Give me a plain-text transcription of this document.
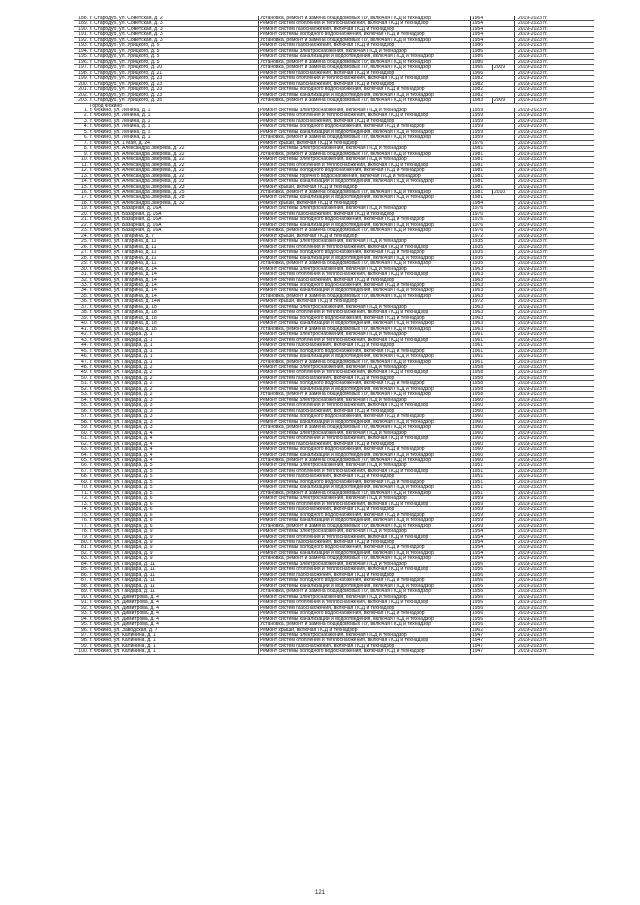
188. г. Стародуб, ул. Советская, д. 2	Установка, ремонт и замена общедомовых ПУ, включая ПСД и технадзор	1964	2019-2023 гг.
189. г. Стародуб, ул. Советская, д. 3	Ремонт систем отопления и теплоснабжения, включая ПСД и технадзор	1954	2019-2023 гг.
190. г. Стародуб, ул. Советская, д. 3	Ремонт систем газоснабжения, включая ПСД и технадзор	1954	2019-2023 гг.
191. г. Стародуб, ул. Советская, д. 3	Ремонт системы холодного водоснабжения, включая ПСД и технадзор	1954	2019-2023 гг.
192. г. Стародуб, ул. Советская, д. 3	Установка, ремонт и замена общедомовых ПУ, включая ПСД и технадзор	1954	2019-2023 гг.
193. г. Стародуб, ул. Урицкого, д. 5	Ремонт систем газоснабжения, включая ПСД и технадзор	1986	2019-2023 гг.
194. г. Стародуб, ул. Урицкого, д. 5	Ремонт системы электроснабжения, включая ПСД и технадзор	1986	2019-2023 гг.
195. г. Стародуб, ул. Урицкого, д. 5	Ремонт системы канализации и водоотведения, включая ПСД и технадзор	1986	2019-2023 гг.
196. г. Стародуб, ул. Урицкого, д. 5	Установка, ремонт и замена общедомовых ПУ, включая ПСД и технадзор	1986	2019-2023 гг.
197. г. Стародуб, ул. Урицкого, д. 20	Установка, ремонт и замена общедомовых ПУ, включая ПСД и технадзор	1966	2009	2019-2023 гг.
198. г. Стародуб, ул. Урицкого, д. 21	Ремонт систем газоснабжения, включая ПСД и технадзор	1966	2019-2023 гг.
199. г. Стародуб, ул. Урицкого, д. 23	Ремонт систем отопления и теплоснабжения, включая ПСД и технадзор	1982	2019-2023 гг.
200. г. Стародуб, ул. Урицкого, д. 23	Ремонт систем газоснабжения, включая ПСД и технадзор	1982	2019-2023 гг.
201. г. Стародуб, ул. Урицкого, д. 23	Ремонт системы холодного водоснабжения, включая ПСД и технадзор	1982	2019-2023 гг.
202. г. Стародуб, ул. Урицкого, д. 23	Ремонт системы канализации и водоотведения, включая ПСД и технадзор	1982	2019-2023 гг.
203. г. Стародуб, ул. Урицкого, д. 35	Установка, ремонт и замена общедомовых ПУ, включая ПСД и технадзор	1983	2009	2019-2023 гг.
Город Фокино
1. г. Фокино, ул. Ленина, д. 1	Ремонт системы электроснабжения, включая ПСД и технадзор	1959	2019-2023 гг.
2. г. Фокино, ул. Ленина, д. 1	Ремонт систем отопления и теплоснабжения, включая ПСД и технадзор	1959	2019-2023 гг.
3. г. Фокино, ул. Ленина, д. 1	Ремонт систем газоснабжения, включая ПСД и технадзор	1959	2019-2023 гг.
4. г. Фокино, ул. Ленина, д. 1	Ремонт системы холодного водоснабжения, включая ПСД и технадзор	1959	2019-2023 гг.
5. г. Фокино, ул. Ленина, д. 1	Ремонт системы канализации и водоотведения, включая ПСД и технадзор	1959	2019-2023 гг.
6. г. Фокино, ул. Ленина, д. 1	Установка, ремонт и замена общедомовых ПУ, включая ПСД и технадзор	1959	2019-2023 гг.
7. г. Фокино, ул. 1 Мая, д. 24	Ремонт крыши, включая ПСД и технадзор	1976	2019-2023 гг.
8. г. Фокино, ул. Александра Зверева, д. 22	Ремонт системы электроснабжения, включая ПСД и технадзор	1981	2019-2023 гг.
9. г. Фокино, ул. Александра Зверева, д. 22	Установка, ремонт и замена общедомовых ПУ, включая ПСД и технадзор	1981	2019-2023 гг.
10. г. Фокино, ул. Александра Зверева, д. 22	Ремонт системы электроснабжения, включая ПСД и технадзор	1981	2019-2023 гг.
11. г. Фокино, ул. Александра Зверева, д. 22	Ремонт систем отопления и теплоснабжения, включая ПСД и технадзор	1981	2019-2023 гг.
12. г. Фокино, ул. Александра Зверева, д. 22	Ремонт системы холодного водоснабжения, включая ПСД и технадзор	1981	2019-2023 гг.
13. г. Фокино, ул. Александра Зверева, д. 22	Ремонт системы горячего водоснабжения, включая ПСД и технадзор	1981	2019-2023 гг.
14. г. Фокино, ул. Александра Зверева, д. 22	Ремонт системы канализации и водоотведения, включая ПСД и технадзор	1981	2019-2023 гг.
15. г. Фокино, ул. Александра Зверева, д. 23	Ремонт крыши, включая ПСД и технадзор	1981	2019-2023 гг.
16. г. Фокино, ул. Александра Зверева, д. 25	Установка, ремонт и замена общедомовых ПУ, включая ПСД и технадзор	1981	2010	2019-2023 гг.
17. г. Фокино, ул. Александра Зверева, д. 28	Ремонт системы канализации и водоотведения, включая ПСД и технадзор	1981	2019-2023 гг.
18. г. Фокино, ул. Александра Зверева, д. 32	Ремонт крыши, включая ПСД и технадзор	1984	2019-2023 гг.
19. г. Фокино, ул. Базарная, д. 16А	Ремонт системы электроснабжения, включая ПСД и технадзор	1976	2019-2023 гг.
20. г. Фокино, ул. Базарная, д. 16А	Ремонт систем газоснабжения, включая ПСД и технадзор	1976	2019-2023 гг.
21. г. Фокино, ул. Базарная, д. 16А	Ремонт системы холодного водоснабжения, включая ПСД и технадзор	1976	2019-2023 гг.
22. г. Фокино, ул. Базарная, д. 16А	Ремонт системы канализации и водоотведения, включая ПСД и технадзор	1976	2019-2023 гг.
23. г. Фокино, ул. Базарная, д. 16А	Установка, ремонт и замена общедомовых ПУ, включая ПСД и технадзор	1976	2019-2023 гг.
24. г. Фокино, ул. Гагарина, д. 7	Ремонт крыши, включая ПСД и технадзор	1972	2019-2023 гг.
25. г. Фокино, ул. Гагарина, д. 11	Ремонт системы электроснабжения, включая ПСД и технадзор	1935	2019-2023 гг.
26. г. Фокино, ул. Гагарина, д. 11	Ремонт систем отопления и теплоснабжения, включая ПСД и технадзор	1935	2019-2023 гг.
27. г. Фокино, ул. Гагарина, д. 11	Ремонт системы холодного водоснабжения, включая ПСД и технадзор	1935	2019-2023 гг.
28. г. Фокино, ул. Гагарина, д. 11	Ремонт системы канализации и водоотведения, включая ПСД и технадзор	1935	2019-2023 гг.
29. г. Фокино, ул. Гагарина, д. 11	Установка, ремонт и замена общедомовых ПУ, включая ПСД и технадзор	1935	2019-2023 гг.
30. г. Фокино, ул. Гагарина, д. 14	Ремонт системы электроснабжения, включая ПСД и технадзор	1963	2019-2023 гг.
31. г. Фокино, ул. Гагарина, д. 14	Ремонт систем отопления и теплоснабжения, включая ПСД и технадзор	1963	2019-2023 гг.
32. г. Фокино, ул. Гагарина, д. 14	Ремонт систем газоснабжения, включая ПСД и технадзор	1963	2019-2023 гг.
33. г. Фокино, ул. Гагарина, д. 14	Ремонт системы холодного водоснабжения, включая ПСД и технадзор	1963	2019-2023 гг.
34. г. Фокино, ул. Гагарина, д. 14	Ремонт системы канализации и водоотведения, включая ПСД и технадзор	1963	2019-2023 гг.
35. г. Фокино, ул. Гагарина, д. 14	Установка, ремонт и замена общедомовых ПУ, включая ПСД и технадзор	1963	2019-2023 гг.
36. г. Фокино, ул. Гагарина, д. 14А	Ремонт крыши, включая ПСД и технадзор	1972	2019-2023 гг.
37. г. Фокино, ул. Гагарина, д. 18	Ремонт системы электроснабжения, включая ПСД и технадзор	1963	2019-2023 гг.
38. г. Фокино, ул. Гагарина, д. 18	Ремонт систем отопления и теплоснабжения, включая ПСД и технадзор	1963	2019-2023 гг.
39. г. Фокино, ул. Гагарина, д. 18	Ремонт системы холодного водоснабжения, включая ПСД и технадзор	1963	2019-2023 гг.
40. г. Фокино, ул. Гагарина, д. 18	Ремонт системы канализации и водоотведения, включая ПСД и технадзор	1963	2019-2023 гг.
41. г. Фокино, ул. Гагарина, д. 18	Установка, ремонт и замена общедомовых ПУ, включая ПСД и технадзор	1963	2019-2023 гг.
42. г. Фокино, ул. Гайдара, д. 1	Ремонт системы электроснабжения, включая ПСД и технадзор	1961	2019-2023 гг.
43. г. Фокино, ул. Гайдара, д. 1	Ремонт систем отопления и теплоснабжения, включая ПСД и технадзор	1961	2019-2023 гг.
44. г. Фокино, ул. Гайдара, д. 1	Ремонт систем газоснабжения, включая ПСД и технадзор	1961	2019-2023 гг.
45. г. Фокино, ул. Гайдара, д. 1	Ремонт системы холодного водоснабжения, включая ПСД и технадзор	1961	2019-2023 гг.
46. г. Фокино, ул. Гайдара, д. 1	Ремонт системы канализации и водоотведения, включая ПСД и технадзор	1961	2019-2023 гг.
47. г. Фокино, ул. Гайдара, д. 1	Установка, ремонт и замена общедомовых ПУ, включая ПСД и технадзор	1961	2019-2023 гг.
48. г. Фокино, ул. Гайдара, д. 2	Ремонт системы электроснабжения, включая ПСД и технадзор	1958	2019-2023 гг.
49. г. Фокино, ул. Гайдара, д. 2	Ремонт систем отопления и теплоснабжения, включая ПСД и технадзор	1958	2019-2023 гг.
50. г. Фокино, ул. Гайдара, д. 2	Ремонт систем газоснабжения, включая ПСД и технадзор	1958	2019-2023 гг.
51. г. Фокино, ул. Гайдара, д. 2	Ремонт системы холодного водоснабжения, включая ПСД и технадзор	1958	2019-2023 гг.
52. г. Фокино, ул. Гайдара, д. 2	Ремонт системы канализации и водоотведения, включая ПСД и технадзор	1958	2019-2023 гг.
53. г. Фокино, ул. Гайдара, д. 2	Установка, ремонт и замена общедомовых ПУ, включая ПСД и технадзор	1958	2019-2023 гг.
54. г. Фокино, ул. Гайдара, д. 3	Ремонт системы электроснабжения, включая ПСД и технадзор	1960	2019-2023 гг.
55. г. Фокино, ул. Гайдара, д. 3	Ремонт систем отопления и теплоснабжения, включая ПСД и технадзор	1960	2019-2023 гг.
56. г. Фокино, ул. Гайдара, д. 3	Ремонт систем газоснабжения, включая ПСД и технадзор	1960	2019-2023 гг.
57. г. Фокино, ул. Гайдара, д. 3	Ремонт системы холодного водоснабжения, включая ПСД и технадзор	1960	2019-2023 гг.
58. г. Фокино, ул. Гайдара, д. 3	Ремонт системы канализации и водоотведения, включая ПСД и технадзор	1960	2019-2023 гг.
59. г. Фокино, ул. Гайдара, д. 3	Установка, ремонт и замена общедомовых ПУ, включая ПСД и технадзор	1960	2019-2023 гг.
60. г. Фокино, ул. Гайдара, д. 4	Ремонт системы электроснабжения, включая ПСД и технадзор	1960	2019-2023 гг.
61. г. Фокино, ул. Гайдара, д. 4	Ремонт систем отопления и теплоснабжения, включая ПСД и технадзор	1960	2019-2023 гг.
62. г. Фокино, ул. Гайдара, д. 4	Ремонт систем газоснабжения, включая ПСД и технадзор	1960	2019-2023 гг.
63. г. Фокино, ул. Гайдара, д. 4	Ремонт системы холодного водоснабжения, включая ПСД и технадзор	1960	2019-2023 гг.
64. г. Фокино, ул. Гайдара, д. 4	Ремонт системы канализации и водоотведения, включая ПСД и технадзор	1960	2019-2023 гг.
65. г. Фокино, ул. Гайдара, д. 4	Установка, ремонт и замена общедомовых ПУ, включая ПСД и технадзор	1960	2019-2023 гг.
66. г. Фокино, ул. Гайдара, д. 5	Ремонт системы электроснабжения, включая ПСД и технадзор	1951	2019-2023 гг.
67. г. Фокино, ул. Гайдара, д. 5	Ремонт систем отопления и теплоснабжения, включая ПСД и технадзор	1951	2019-2023 гг.
68. г. Фокино, ул. Гайдара, д. 5	Ремонт систем газоснабжения, включая ПСД и технадзор	1951	2019-2023 гг.
69. г. Фокино, ул. Гайдара, д. 5	Ремонт системы холодного водоснабжения, включая ПСД и технадзор	1951	2019-2023 гг.
70. г. Фокино, ул. Гайдара, д. 5	Ремонт системы канализации и водоотведения, включая ПСД и технадзор	1951	2019-2023 гг.
71. г. Фокино, ул. Гайдара, д. 5	Установка, ремонт и замена общедомовых ПУ, включая ПСД и технадзор	1951	2019-2023 гг.
72. г. Фокино, ул. Гайдара, д. 6	Ремонт системы электроснабжения, включая ПСД и технадзор	1959	2019-2023 гг.
73. г. Фокино, ул. Гайдара, д. 6	Ремонт систем отопления и теплоснабжения, включая ПСД и технадзор	1959	2019-2023 гг.
74. г. Фокино, ул. Гайдара, д. 6	Ремонт систем газоснабжения, включая ПСД и технадзор	1959	2019-2023 гг.
75. г. Фокино, ул. Гайдара, д. 6	Ремонт системы холодного водоснабжения, включая ПСД и технадзор	1959	2019-2023 гг.
76. г. Фокино, ул. Гайдара, д. 6	Ремонт системы канализации и водоотведения, включая ПСД и технадзор	1959	2019-2023 гг.
77. г. Фокино, ул. Гайдара, д. 6	Установка, ремонт и замена общедомовых ПУ, включая ПСД и технадзор	1959	2019-2023 гг.
78. г. Фокино, ул. Гайдара, д. 9	Ремонт системы электроснабжения, включая ПСД и технадзор	1954	2019-2023 гг.
79. г. Фокино, ул. Гайдара, д. 9	Ремонт систем отопления и теплоснабжения, включая ПСД и технадзор	1954	2019-2023 гг.
80. г. Фокино, ул. Гайдара, д. 9	Ремонт систем газоснабжения, включая ПСД и технадзор	1954	2019-2023 гг.
81. г. Фокино, ул. Гайдара, д. 9	Ремонт системы холодного водоснабжения, включая ПСД и технадзор	1954	2019-2023 гг.
82. г. Фокино, ул. Гайдара, д. 9	Ремонт системы канализации и водоотведения, включая ПСД и технадзор	1954	2019-2023 гг.
83. г. Фокино, ул. Гайдара, д. 9	Установка, ремонт и замена общедомовых ПУ, включая ПСД и технадзор	1954	2019-2023 гг.
84. г. Фокино, ул. Гайдара, д. 11	Ремонт системы электроснабжения, включая ПСД и технадзор	1956	2019-2023 гг.
85. г. Фокино, ул. Гайдара, д. 11	Ремонт систем отопления и теплоснабжения, включая ПСД и технадзор	1956	2019-2023 гг.
86. г. Фокино, ул. Гайдара, д. 11	Ремонт систем газоснабжения, включая ПСД и технадзор	1956	2019-2023 гг.
87. г. Фокино, ул. Гайдара, д. 11	Ремонт системы холодного водоснабжения, включая ПСД и технадзор	1956	2019-2023 гг.
88. г. Фокино, ул. Гайдара, д. 11	Ремонт системы канализации и водоотведения, включая ПСД и технадзор	1956	2019-2023 гг.
89. г. Фокино, ул. Гайдара, д. 11	Установка, ремонт и замена общедомовых ПУ, включая ПСД и технадзор	1956	2019-2023 гг.
90. г. Фокино, ул. Димитрова, д. 4	Ремонт системы электроснабжения, включая ПСД и технадзор	1956	2019-2023 гг.
91. г. Фокино, ул. Димитрова, д. 4	Ремонт систем отопления и теплоснабжения, включая ПСД и технадзор	1956	2019-2023 гг.
92. г. Фокино, ул. Димитрова, д. 4	Ремонт систем газоснабжения, включая ПСД и технадзор	1956	2019-2023 гг.
93. г. Фокино, ул. Димитрова, д. 4	Ремонт системы холодного водоснабжения, включая ПСД и технадзор	1956	2019-2023 гг.
94. г. Фокино, ул. Димитрова, д. 4	Ремонт системы канализации и водоотведения, включая ПСД и технадзор	1956	2019-2023 гг.
95. г. Фокино, ул. Димитрова, д. 4	Установка, ремонт и замена общедомовых ПУ, включая ПСД и технадзор	1956	2019-2023 гг.
96. г. Фокино, ул. Заводская, д. 7	Ремонт крыши, включая ПСД и технадзор	1962	2019-2023 гг.
97. г. Фокино, ул. Калинина, д. 1	Ремонт системы электроснабжения, включая ПСД и технадзор	1947	2019-2023 гг.
98. г. Фокино, ул. Калинина, д. 1	Ремонт систем отопления и теплоснабжения, включая ПСД и технадзор	1947	2019-2023 гг.
99. г. Фокино, ул. Калинина, д. 1	Ремонт систем газоснабжения, включая ПСД и технадзор	1947	2019-2023 гг.
100. г. Фокино, ул. Калинина, д. 1	Ремонт системы холодного водоснабжения, включая ПСД и технадзор	1947	2019-2023 гг.
121
